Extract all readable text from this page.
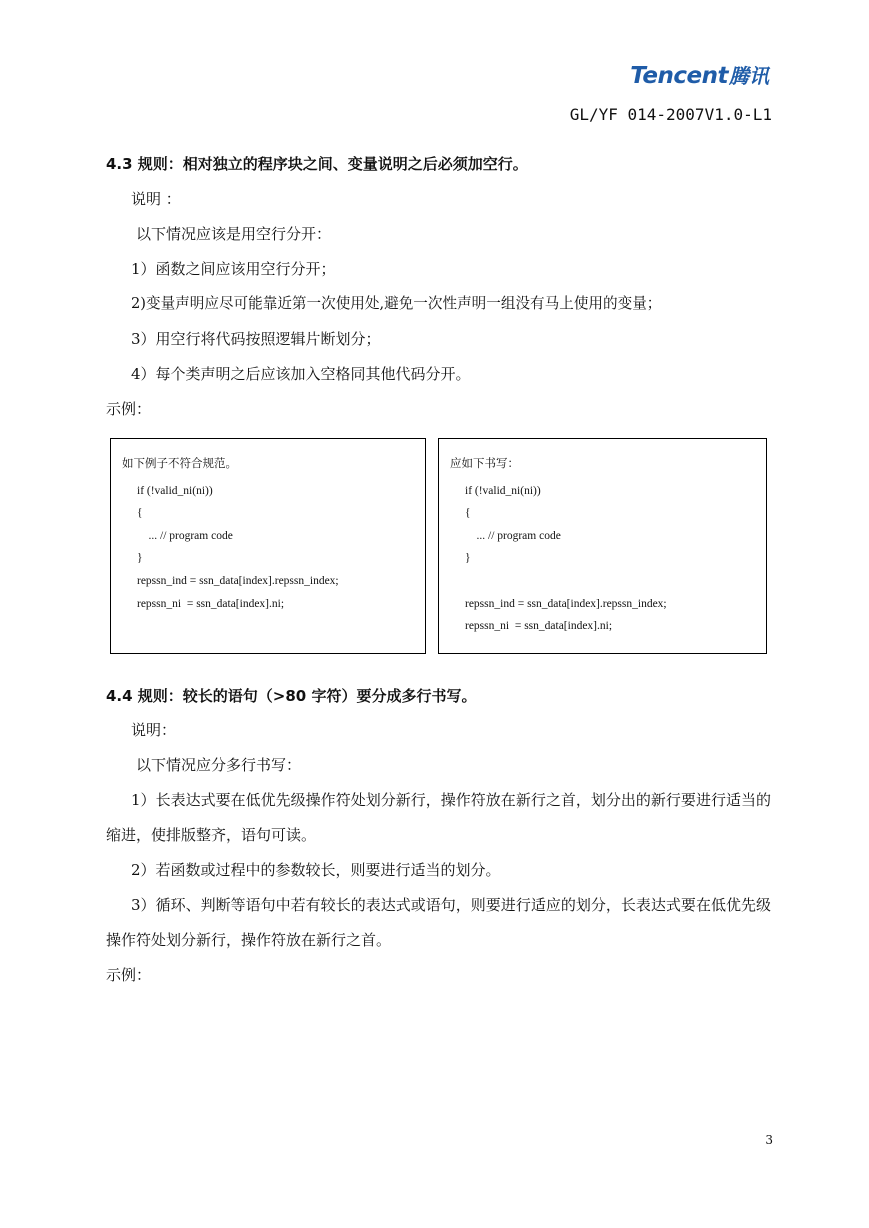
Tencent 腾讯
GL/YF 014-2007V1.0-L1
4.3 规则：相对独立的程序块之间、变量说明之后必须加空行。
说明 ：
以下情况应该是用空行分开：
1）函数之间应该用空行分开；
2)变量声明应尽可能靠近第一次使用处,避免一次性声明一组没有马上使用的变量；
3）用空行将代码按照逻辑片断划分；
4）每个类声明之后应该加入空格同其他代码分开。
示例：
如下例子不符合规范。
if (!valid_ni(ni))
{
... // program code
}
repssn_ind = ssn_data[index].repssn_index;
repssn_ni  = ssn_data[index].ni;
应如下书写：
if (!valid_ni(ni))
{
... // program code
}
repssn_ind = ssn_data[index].repssn_index;
repssn_ni  = ssn_data[index].ni;
4.4 规则：较长的语句（>80 字符）要分成多行书写。
说明：
以下情况应分多行书写：
1）长表达式要在低优先级操作符处划分新行，操作符放在新行之首，划分出的新行要进行适当的缩进，使排版整齐，语句可读。
2）若函数或过程中的参数较长，则要进行适当的划分。
3）循环、判断等语句中若有较长的表达式或语句，则要进行适应的划分，长表达式要在低优先级操作符处划分新行，操作符放在新行之首。
示例：
3
